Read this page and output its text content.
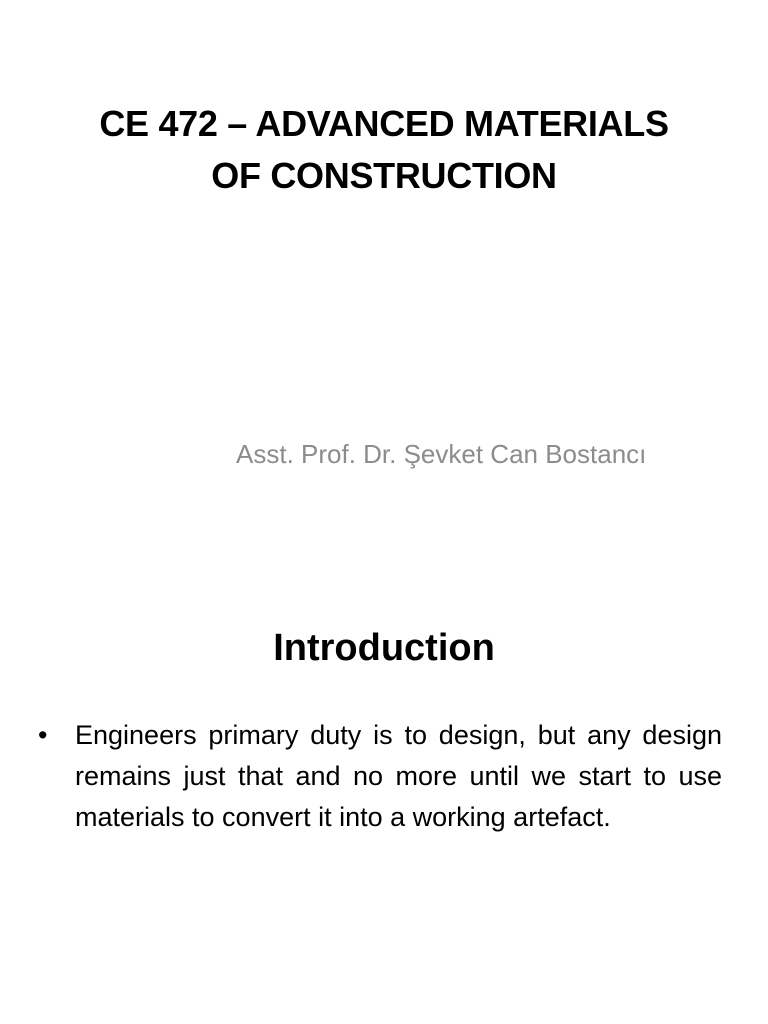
CE 472 – ADVANCED MATERIALS
OF CONSTRUCTION
Asst. Prof. Dr. Şevket Can Bostancı
Introduction
•	Engineers primary duty is to design, but any design remains just that and no more until we start to use materials to convert it into a working artefact.
